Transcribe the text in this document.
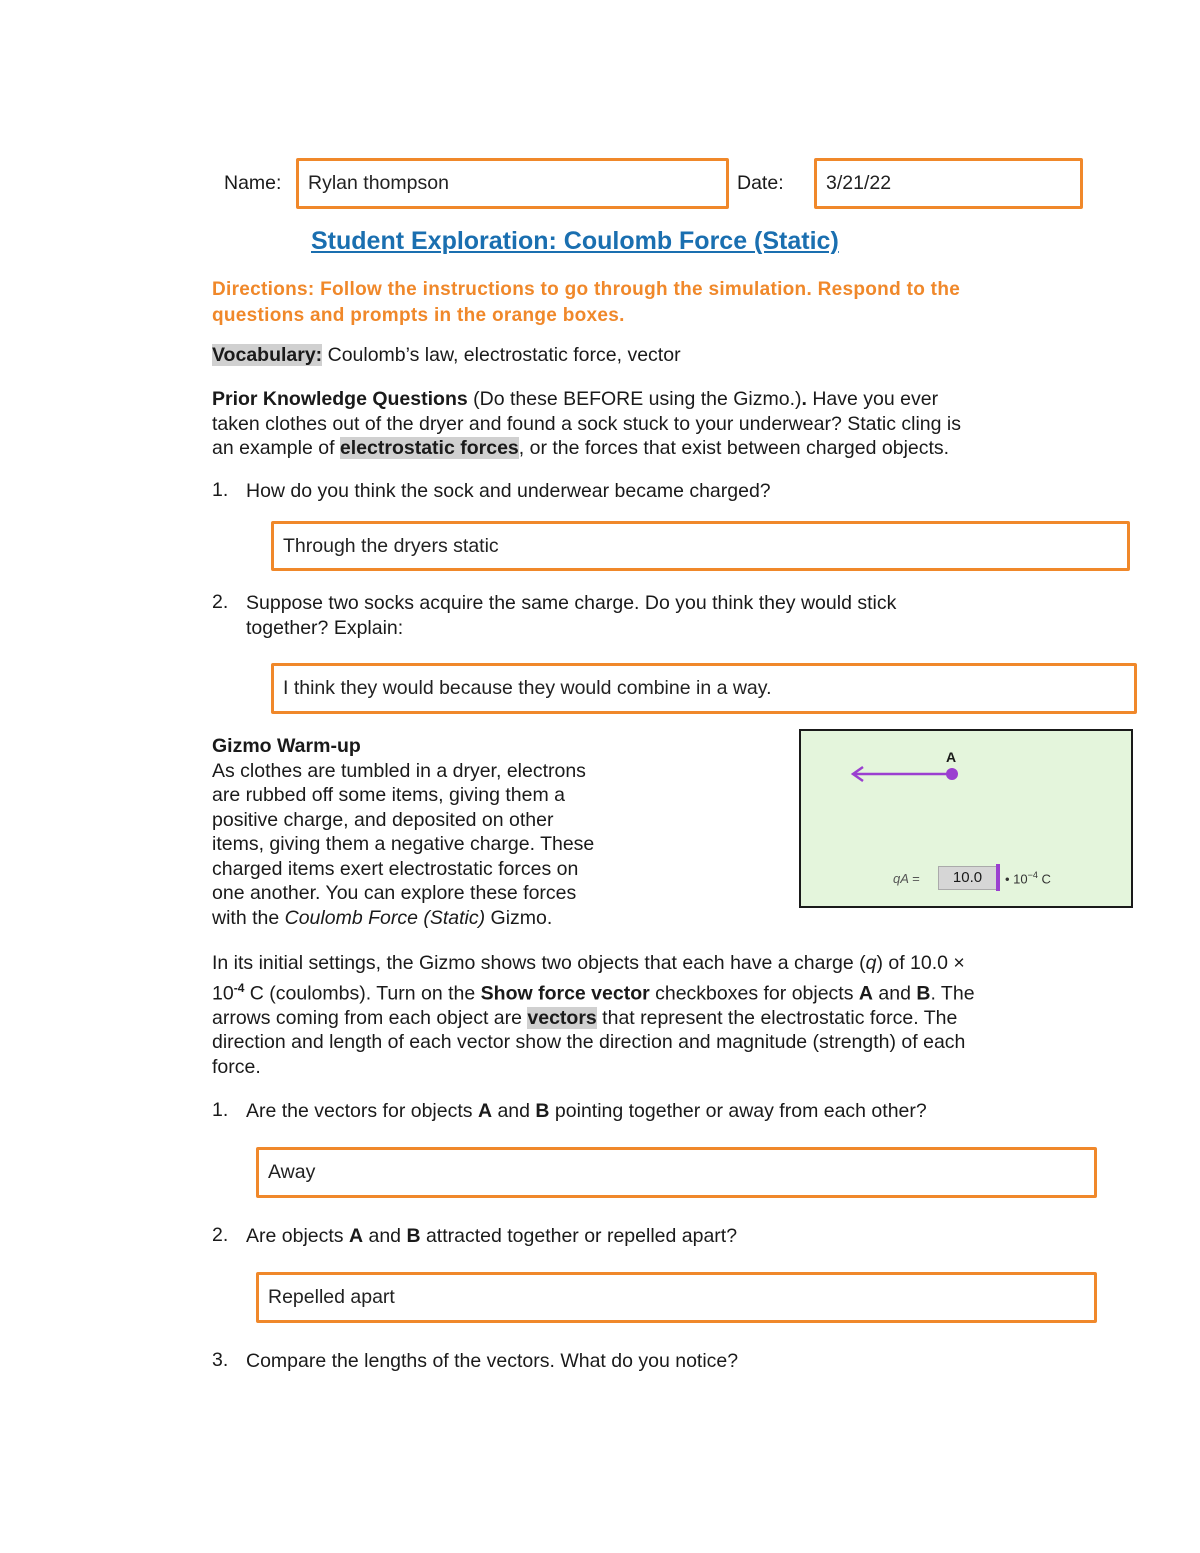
Name:	Rylan thompson	Date:	3/21/22
Student Exploration: Coulomb Force (Static)
Directions: Follow the instructions to go through the simulation. Respond to the
questions and prompts in the orange boxes.
Vocabulary: Coulomb’s law, electrostatic force, vector
Prior Knowledge Questions (Do these BEFORE using the Gizmo.). Have you ever
taken clothes out of the dryer and found a sock stuck to your underwear? Static cling is
an example of electrostatic forces, or the forces that exist between charged objects.
1. How do you think the sock and underwear became charged?
Through the dryers static
2. Suppose two socks acquire the same charge. Do you think they would stick
together? Explain:
I think they would because they would combine in a way.
Gizmo Warm-up
As clothes are tumbled in a dryer, electrons
are rubbed off some items, giving them a
positive charge, and deposited on other
items, giving them a negative charge. These
charged items exert electrostatic forces on
one another. You can explore these forces
with the Coulomb Force (Static) Gizmo.
A
qA =	10.0	• $10^{-4}$ C
In its initial settings, the Gizmo shows two objects that each have a charge (q) of 10.0 ×
$10^{-4}$ C (coulombs). Turn on the Show force vector checkboxes for objects A and B. The
arrows coming from each object are vectors that represent the electrostatic force. The
direction and length of each vector show the direction and magnitude (strength) of each
force.
1. Are the vectors for objects A and B pointing together or away from each other?
Away
2. Are objects A and B attracted together or repelled apart?
Repelled apart
3. Compare the lengths of the vectors. What do you notice?
